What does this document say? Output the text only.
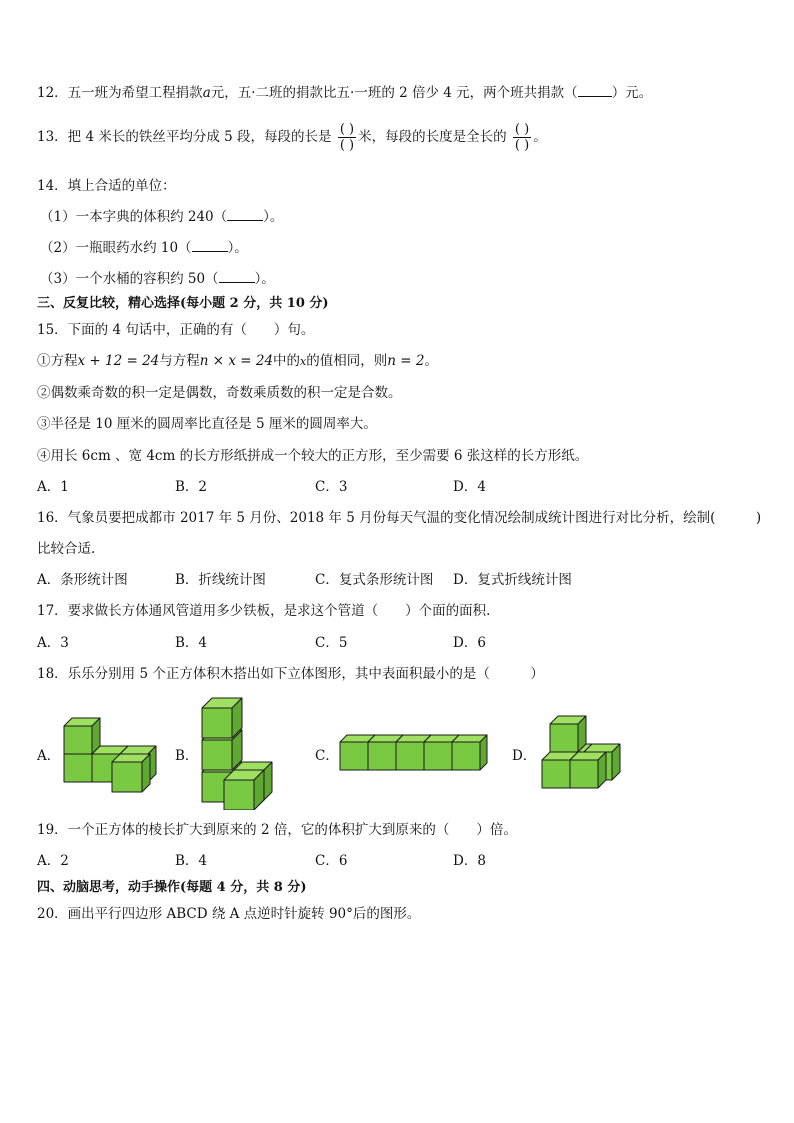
12．五一班为希望工程捐款a元，五·二班的捐款比五·一班的 2 倍少 4 元，两个班共捐款（	）元。
13．把 4 米长的铁丝平均分成 5 段，每段的长是 $\frac{( )}{( )}$ 米，每段的长度是全长的 $\frac{( )}{( )}$ 。
14．填上合适的单位：
（1）一本字典的体积约 240（	）。
（2）一瓶眼药水约 10（	）。
（3）一个水桶的容积约 50（	）。
三、反复比较，精心选择(每小题 2 分，共 10 分)
15．下面的 4 句话中，正确的有（　　）句。
①方程x + 12 = 24与方程n × x = 24中的x的值相同，则n = 2。
②偶数乘奇数的积一定是偶数，奇数乘质数的积一定是合数。
③半径是 10 厘米的圆周率比直径是 5 厘米的圆周率大。
④用长 6cm 、宽 4cm 的长方形纸拼成一个较大的正方形，至少需要 6 张这样的长方形纸。
A．1	B．2	C．3	D．4
16．气象员要把成都市 2017 年 5 月份、2018 年 5 月份每天气温的变化情况绘制成统计图进行对比分析，绘制(　　　)
比较合适.
A．条形统计图	B．折线统计图	C．复式条形统计图 D．复式折线统计图
17．要求做长方体通风管道用多少铁板，是求这个管道（　　）个面的面积.
A．3	B．4	C．5	D．6
18．乐乐分别用 5 个正方体积木搭出如下立体图形，其中表面积最小的是（　　　）
A．	B．	C．	D．
19．一个正方体的棱长扩大到原来的 2 倍，它的体积扩大到原来的（　　）倍。
A．2	B．4	C．6	D．8
四、动脑思考，动手操作(每题 4 分，共 8 分)
20．画出平行四边形 ABCD 绕 A 点逆时针旋转 90°后的图形。
